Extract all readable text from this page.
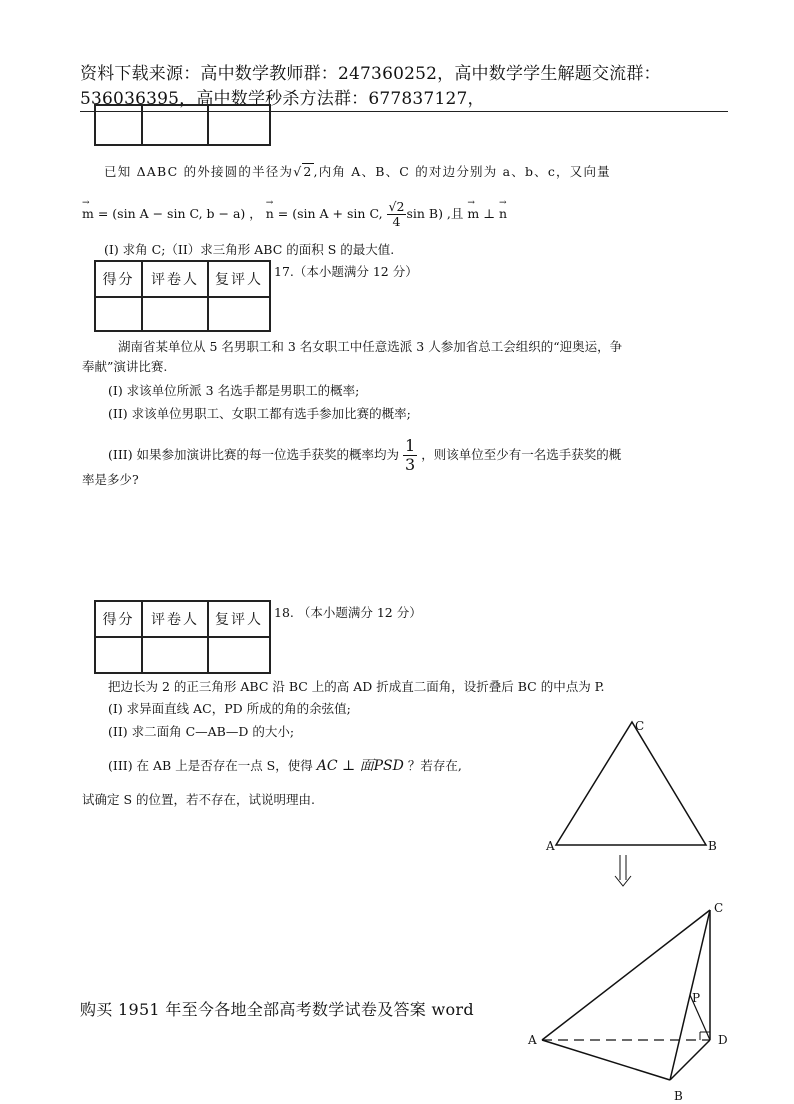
资料下载来源：高中数学教师群：247360252，高中数学学生解题交流群：
536036395，高中数学秒杀方法群：677837127，

已知 ΔABC 的外接圆的半径为√2,内角 A、B、C 的对边分别为 a、b、c，又向量
→ m = (sin A − sin C, b − a) ， → n = (sin A + sin C, $\frac{√2}{4}$ sin B) ,且 → m ⊥ → n
(I) 求角 C;（II）求三角形 ABC 的面积 S 的最大值.
得分	评卷人	复评人

17.（本小题满分 12 分）
湖南省某单位从 5 名男职工和 3 名女职工中任意选派 3 人参加省总工会组织的“迎奥运，争
奉献”演讲比赛.
(I) 求该单位所派 3 名选手都是男职工的概率;
(II) 求该单位男职工、女职工都有选手参加比赛的概率;
(III) 如果参加演讲比赛的每一位选手获奖的概率均为 $\frac{1}{3}$ ，则该单位至少有一名选手获奖的概
率是多少?
得分	评卷人	复评人
		18. （本小题满分 12 分）
把边长为 2 的正三角形 ABC 沿 BC 上的高 AD 折成直二面角，设折叠后 BC 的中点为 P.
(I) 求异面直线 AC，PD 所成的角的余弦值;
(II) 求二面角 C—AB—D 的大小;
(III) 在 AB 上是否存在一点 S，使得 AC ⊥ 面PSD ？若存在,
试确定 S 的位置，若不存在，试说明理由.
A	B
C
A
B
C
D
P
购买 1951 年至今各地全部高考数学试卷及答案 word
